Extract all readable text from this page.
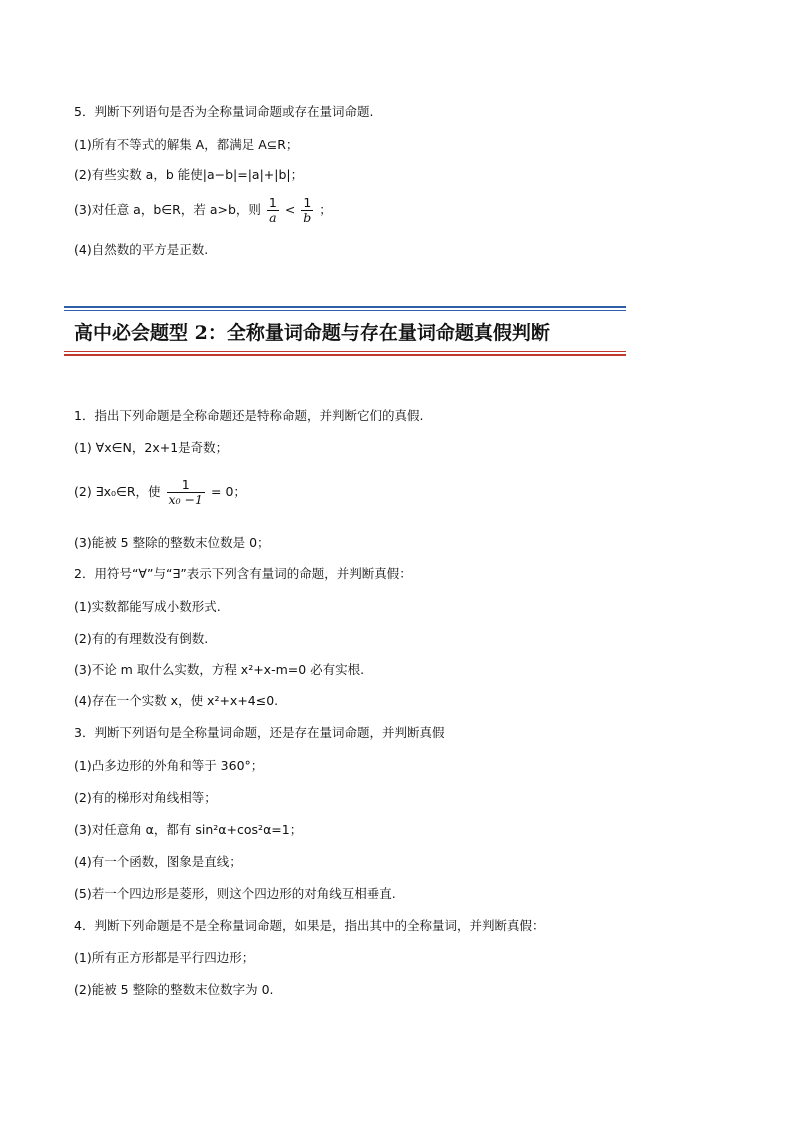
5．判断下列语句是否为全称量词命题或存在量词命题.
(1)所有不等式的解集 A，都满足 A⊆R；
(2)有些实数 a，b 能使|a−b|=|a|+|b|；
(3)对任意 a，b∈R，若 a>b，则 $\frac{1}{a} < \frac{1}{b}$ ；
(4)自然数的平方是正数.
高中必会题型 2：全称量词命题与存在量词命题真假判断
1．指出下列命题是全称命题还是特称命题，并判断它们的真假.
(1) ∀x∈N，2x+1是奇数；
(2) ∃x₀∈R，使 $\frac{1}{\text{x₀ −1}} = 0$；
(3)能被 5 整除的整数末位数是 0；
2．用符号“∀”与“∃”表示下列含有量词的命题，并判断真假：
(1)实数都能写成小数形式.
(2)有的有理数没有倒数.
(3)不论 m 取什么实数，方程 x²+x-m=0 必有实根.
(4)存在一个实数 x，使 x²+x+4≤0.
3．判断下列语句是全称量词命题，还是存在量词命题，并判断真假
(1)凸多边形的外角和等于 360°；
(2)有的梯形对角线相等；
(3)对任意角 α，都有 sin²α+cos²α=1；
(4)有一个函数，图象是直线；
(5)若一个四边形是菱形，则这个四边形的对角线互相垂直.
4．判断下列命题是不是全称量词命题，如果是，指出其中的全称量词，并判断真假：
(1)所有正方形都是平行四边形；
(2)能被 5 整除的整数末位数字为 0.
